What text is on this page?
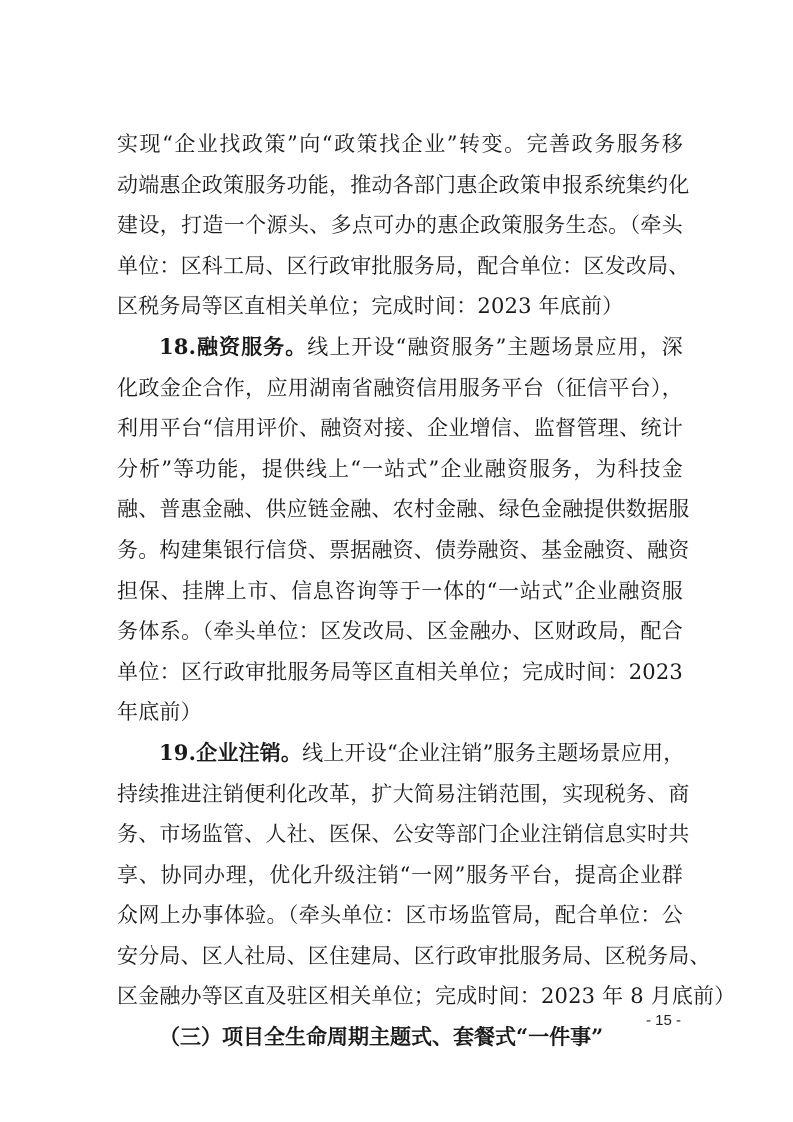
实现“企业找政策”向“政策找企业”转变。完善政务服务移
动端惠企政策服务功能，推动各部门惠企政策申报系统集约化
建设，打造一个源头、多点可办的惠企政策服务生态。（牵头
单位：区科工局、区行政审批服务局，配合单位：区发改局、
区税务局等区直相关单位；完成时间：2023 年底前）
18.融资服务。线上开设“融资服务”主题场景应用，深
化政金企合作，应用湖南省融资信用服务平台（征信平台），
利用平台“信用评价、融资对接、企业增信、监督管理、统计
分析”等功能，提供线上“一站式”企业融资服务，为科技金
融、普惠金融、供应链金融、农村金融、绿色金融提供数据服
务。构建集银行信贷、票据融资、债券融资、基金融资、融资
担保、挂牌上市、信息咨询等于一体的“一站式”企业融资服
务体系。（牵头单位：区发改局、区金融办、区财政局，配合
单位：区行政审批服务局等区直相关单位；完成时间：2023
年底前）
19.企业注销。线上开设“企业注销”服务主题场景应用，
持续推进注销便利化改革，扩大简易注销范围，实现税务、商
务、市场监管、人社、医保、公安等部门企业注销信息实时共
享、协同办理，优化升级注销“一网”服务平台，提高企业群
众网上办事体验。（牵头单位：区市场监管局，配合单位：公
安分局、区人社局、区住建局、区行政审批服务局、区税务局、
区金融办等区直及驻区相关单位；完成时间：2023 年 8 月底前）
（三）项目全生命周期主题式、套餐式“一件事”
- 15 -
